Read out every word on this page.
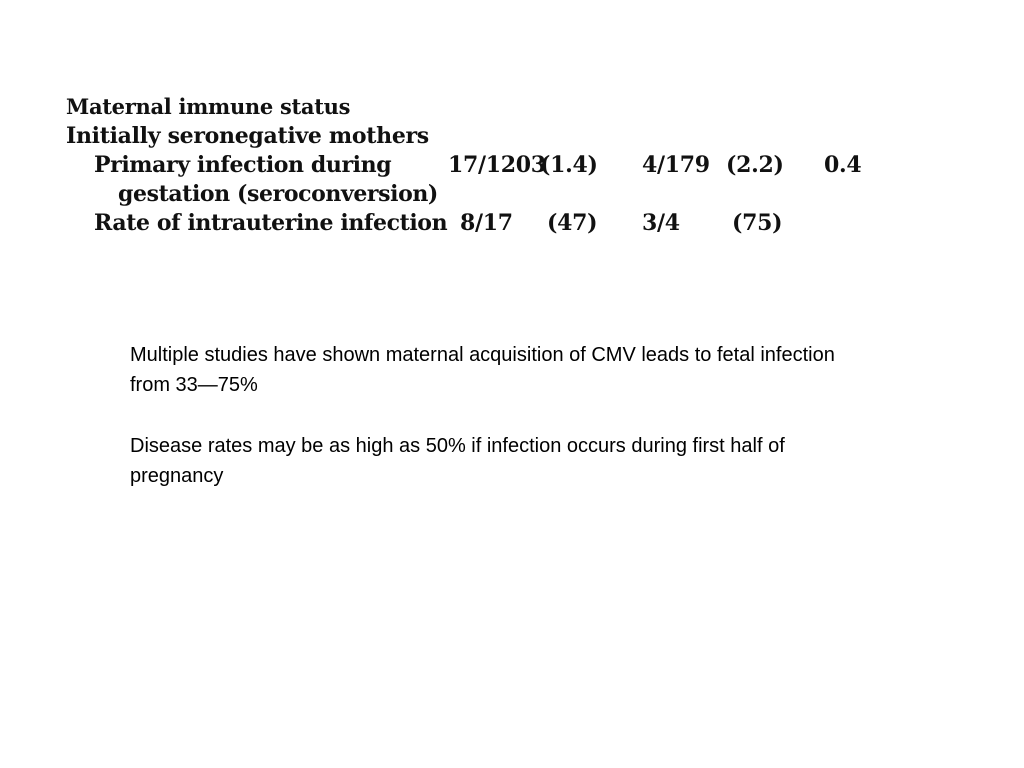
Maternal immune status
Initially seronegative mothers
Primary infection during
gestation (seroconversion)
17/1203
(1.4) 4/179 (2.2) 0.4
Rate of intrauterine infection 8/17 (47) 3/4 (75)

Multiple studies have shown maternal acquisition of CMV leads to fetal infection from 33—75%

Disease rates may be as high as 50% if infection occurs during first half of pregnancy
